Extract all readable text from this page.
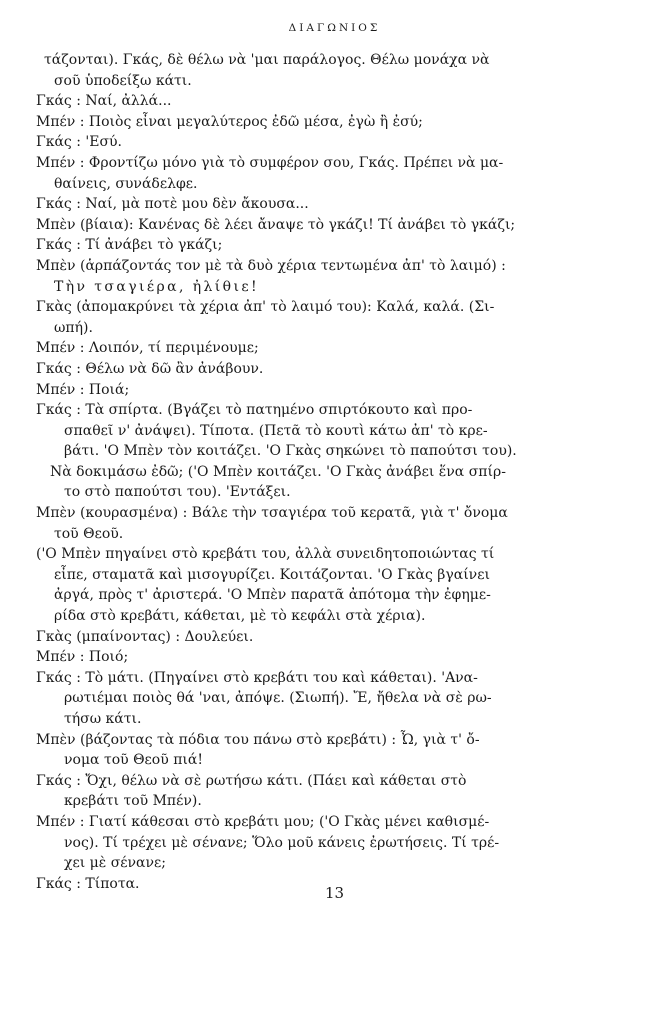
ΔΙΑΓΩΝΙΟΣ
τάζονται). Γκάς, δὲ θέλω νὰ 'μαι παράλογος. Θέλω μονάχα νὰ
σοῦ ὑποδείξω κάτι.
Γκάς : Ναί, ἀλλά...
Μπέν : Ποιὸς εἶναι μεγαλύτερος ἐδῶ μέσα, ἐγὼ ἢ ἐσύ;
Γκάς : 'Εσύ.
Μπέν : Φροντίζω μόνο γιὰ τὸ συμφέρον σου, Γκάς. Πρέπει νὰ μα-
θαίνεις, συνάδελφε.
Γκάς : Ναί, μὰ ποτὲ μου δὲν ἄκουσα...
Μπὲν (βίαια): Κανένας δὲ λέει ἄναψε τὸ γκάζι! Τί ἀνάβει τὸ γκάζι;
Γκάς : Τί ἀνάβει τὸ γκάζι;
Μπὲν (ἁρπάζοντάς τον μὲ τὰ δυὸ χέρια τεντωμένα ἀπ' τὸ λαιμό) :
Τὴν τσαγιέρα, ἠλίθιε!
Γκὰς (ἀπομακρύνει τὰ χέρια ἀπ' τὸ λαιμό του): Καλά, καλά. (Σι-
ωπή).
Μπέν : Λοιπόν, τί περιμένουμε;
Γκάς : Θέλω νὰ δῶ ἂν ἀνάβουν.
Μπέν : Ποιά;
Γκάς : Τὰ σπίρτα. (Βγάζει τὸ πατημένο σπιρτόκουτο καὶ προ-
σπαθεῖ ν' ἀνάψει). Τίποτα. (Πετᾶ τὸ κουτὶ κάτω ἀπ' τὸ κρε-
βάτι. 'Ο Μπὲν τὸν κοιτάζει. 'Ο Γκὰς σηκώνει τὸ παπούτσι του).
Νὰ δοκιμάσω ἐδῶ; ('Ο Μπὲν κοιτάζει. 'Ο Γκὰς ἀνάβει ἕνα σπίρ-
το στὸ παπούτσι του). 'Εντάξει.
Μπὲν (κουρασμένα) : Βάλε τὴν τσαγιέρα τοῦ κερατᾶ, γιὰ τ' ὄνομα
τοῦ Θεοῦ.
('Ο Μπὲν πηγαίνει στὸ κρεβάτι του, ἀλλὰ συνειδητοποιώντας τί
εἶπε, σταματᾶ καὶ μισογυρίζει. Κοιτάζονται. 'Ο Γκὰς βγαίνει
ἀργά, πρὸς τ' ἀριστερά. 'Ο Μπὲν παρατᾶ ἀπότομα τὴν ἐφημε-
ρίδα στὸ κρεβάτι, κάθεται, μὲ τὸ κεφάλι στὰ χέρια).
Γκὰς (μπαίνοντας) : Δουλεύει.
Μπέν : Ποιό;
Γκάς : Τὸ μάτι. (Πηγαίνει στὸ κρεβάτι του καὶ κάθεται). 'Ανα-
ρωτιέμαι ποιὸς θά 'ναι, ἀπόψε. (Σιωπή). Ἔ, ἤθελα νὰ σὲ ρω-
τήσω κάτι.
Μπὲν (βάζοντας τὰ πόδια του πάνω στὸ κρεβάτι) : Ὦ, γιὰ τ' ὄ-
νομα τοῦ Θεοῦ πιά!
Γκάς : Ὄχι, θέλω νὰ σὲ ρωτήσω κάτι. (Πάει καὶ κάθεται στὸ
κρεβάτι τοῦ Μπέν).
Μπέν : Γιατί κάθεσαι στὸ κρεβάτι μου; ('Ο Γκὰς μένει καθισμέ-
νος). Τί τρέχει μὲ σένανε; Ὅλο μοῦ κάνεις ἐρωτήσεις. Τί τρέ-
χει μὲ σένανε;
Γκάς : Τίποτα.
13
